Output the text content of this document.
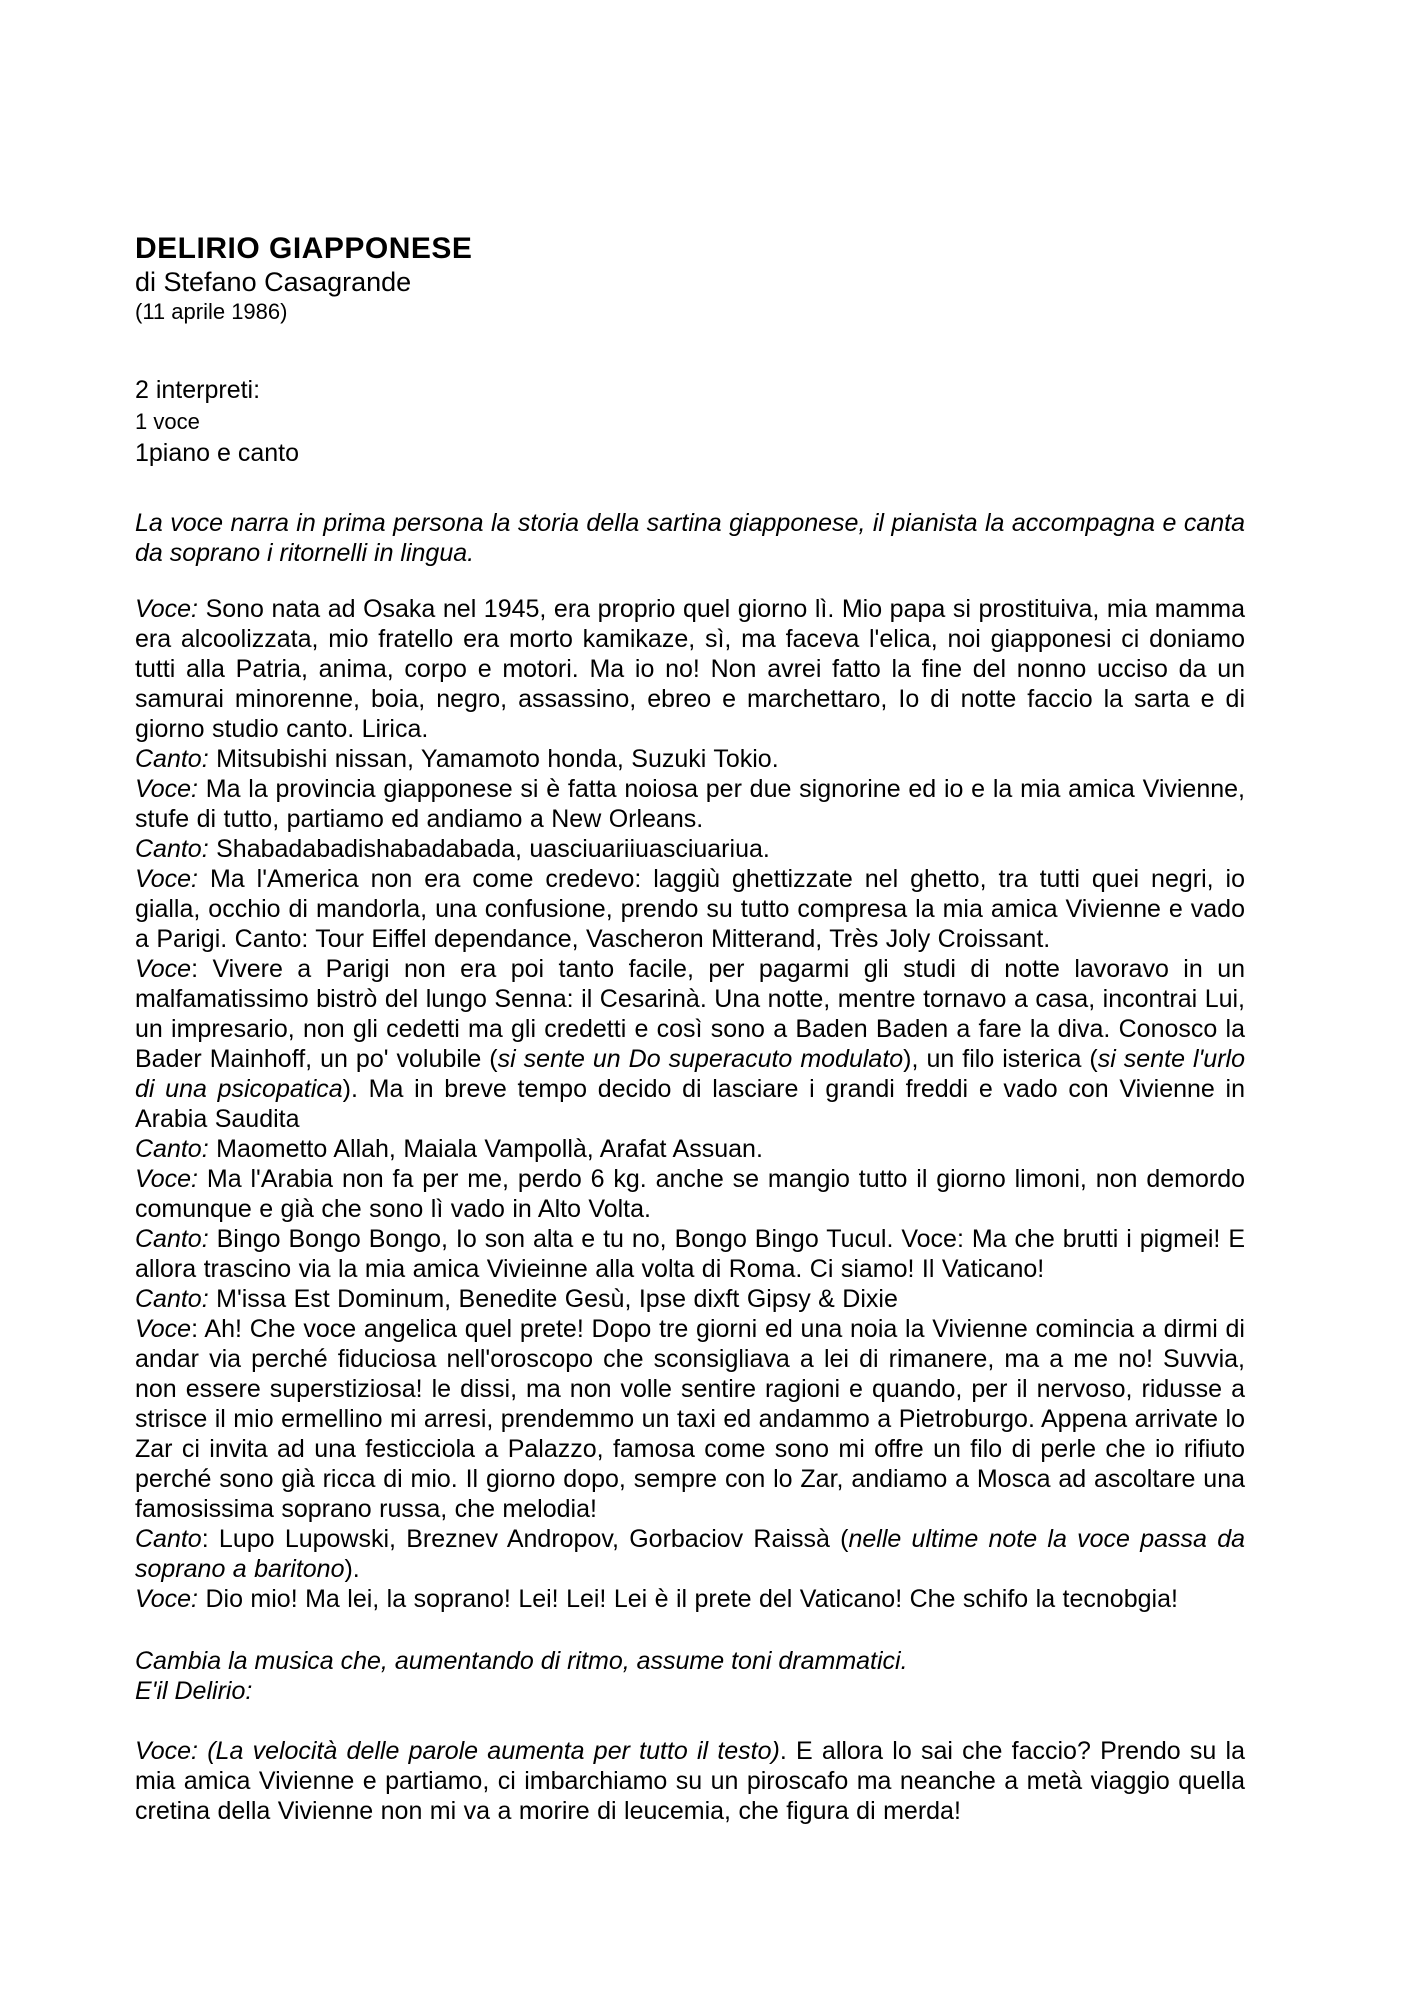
DELIRIO GIAPPONESE

di Stefano Casagrande

(11 aprile 1986)

2 interpreti:

1 voce

1piano e canto

La voce narra in prima persona la storia della sartina giapponese, il pianista la accompagna e canta da soprano i ritornelli in lingua.

Voce: Sono nata ad Osaka nel 1945, era proprio quel giorno lì. Mio papa si prostituiva, mia mamma era alcoolizzata, mio fratello era morto kamikaze, sì, ma faceva l'elica, noi giapponesi ci doniamo tutti alla Patria, anima, corpo e motori. Ma io no! Non avrei fatto la fine del nonno ucciso da un samurai minorenne, boia, negro, assassino, ebreo e marchettaro, Io di notte faccio la sarta e di giorno studio canto. Lirica.

Canto: Mitsubishi nissan, Yamamoto honda, Suzuki Tokio.

Voce: Ma la provincia giapponese si è fatta noiosa per due signorine ed io e la mia amica Vivienne, stufe di tutto, partiamo ed andiamo a New Orleans.

Canto: Shabadabadishabadabada, uasciuariiuasciuariua.

Voce: Ma l'America non era come credevo: laggiù ghettizzate nel ghetto, tra tutti quei negri, io gialla, occhio di mandorla, una confusione, prendo su tutto compresa la mia amica Vivienne e vado a Parigi. Canto: Tour Eiffel dependance, Vascheron Mitterand, Très Joly Croissant.

Voce: Vivere a Parigi non era poi tanto facile, per pagarmi gli studi di notte lavoravo in un malfamatissimo bistrò del lungo Senna: il Cesarinà. Una notte, mentre tornavo a casa, incontrai Lui, un impresario, non gli cedetti ma gli credetti e così sono a Baden Baden a fare la diva. Conosco la Bader Mainhoff, un po' volubile (si sente un Do superacuto modulato), un filo isterica (si sente l'urlo di una psicopatica). Ma in breve tempo decido di lasciare i grandi freddi e vado con Vivienne in Arabia Saudita

Canto: Maometto Allah, Maiala Vampollà, Arafat Assuan.

Voce: Ma l'Arabia non fa per me, perdo 6 kg. anche se mangio tutto il giorno limoni, non demordo comunque e già che sono lì vado in Alto Volta.

Canto: Bingo Bongo Bongo, Io son alta e tu no, Bongo Bingo Tucul. Voce: Ma che brutti i pigmei! E allora trascino via la mia amica Vivieinne alla volta di Roma. Ci siamo! Il Vaticano!

Canto: M'issa Est Dominum, Benedite Gesù, Ipse dixft Gipsy & Dixie

Voce: Ah! Che voce angelica quel prete! Dopo tre giorni ed una noia la Vivienne comincia a dirmi di andar via perché fiduciosa nell'oroscopo che sconsigliava a lei di rimanere, ma a me no! Suvvia, non essere superstiziosa! le dissi, ma non volle sentire ragioni e quando, per il nervoso, ridusse a strisce il mio ermellino mi arresi, prendemmo un taxi ed andammo a Pietroburgo. Appena arrivate lo Zar ci invita ad una festicciola a Palazzo, famosa come sono mi offre un filo di perle che io rifiuto perché sono già ricca di mio. Il giorno dopo, sempre con lo Zar, andiamo a Mosca ad ascoltare una famosissima soprano russa, che melodia!

Canto: Lupo Lupowski, Breznev Andropov, Gorbaciov Raissà (nelle ultime note la voce passa da soprano a baritono).

Voce: Dio mio! Ma lei, la soprano! Lei! Lei! Lei è il prete del Vaticano! Che schifo la tecnobgia!

Cambia la musica che, aumentando di ritmo, assume toni drammatici.

E'il Delirio:

Voce: (La velocità delle parole aumenta per tutto il testo). E allora lo sai che faccio? Prendo su la mia amica Vivienne e partiamo, ci imbarchiamo su un piroscafo ma neanche a metà viaggio quella cretina della Vivienne non mi va a morire di leucemia, che figura di merda!
